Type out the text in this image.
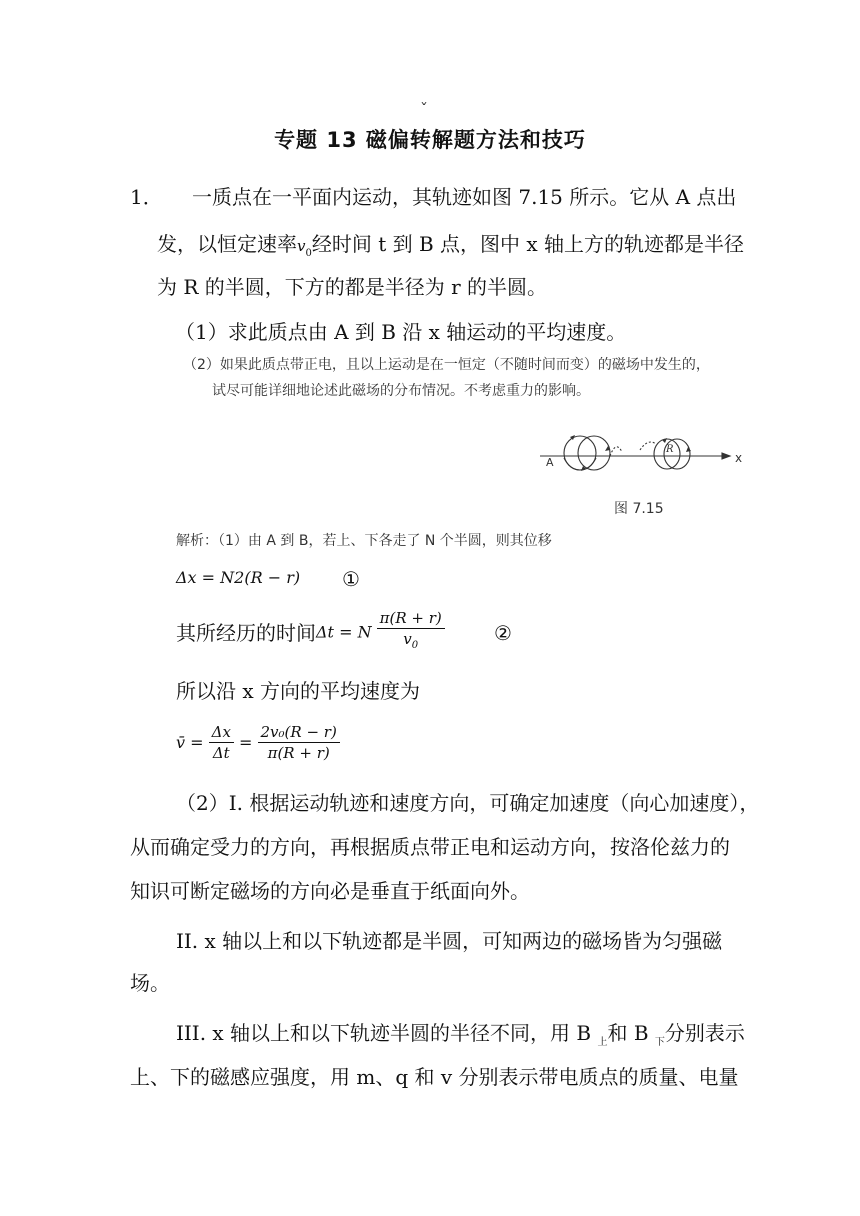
ˇ
专题 13 磁偏转解题方法和技巧
1． 一质点在一平面内运动，其轨迹如图 7.15 所示。它从 A 点出
发，以恒定速率$v_0$经时间 t 到 B 点，图中 x 轴上方的轨迹都是半径
为 R 的半圆，下方的都是半径为 r 的半圆。
（1）求此质点由 A 到 B 沿 x 轴运动的平均速度。
（2）如果此质点带正电，且以上运动是在一恒定（不随时间而变）的磁场中发生的，
试尽可能详细地论述此磁场的分布情况。不考虑重力的影响。
A
R
x
图 7.15
解析：（1）由 A 到 B，若上、下各走了 N 个半圆，则其位移
Δx = N2(R − r) ①
其所经历的时间 Δt = N $\frac{\pi(R + r)}{v_0}$ ②
所以沿 x 方向的平均速度为
v̄ = $\frac{\Delta x}{\Delta t} = \frac{\text{2v₀(R − r)}}{\pi(R + r)}$
（2）I. 根据运动轨迹和速度方向，可确定加速度（向心加速度），
从而确定受力的方向，再根据质点带正电和运动方向，按洛伦兹力的
知识可断定磁场的方向必是垂直于纸面向外。
II. x 轴以上和以下轨迹都是半圆，可知两边的磁场皆为匀强磁
场。
III. x 轴以上和以下轨迹半圆的半径不同，用 B $_上$和 B $_下$分别表示
上、下的磁感应强度，用 m、q 和 v 分别表示带电质点的质量、电量
